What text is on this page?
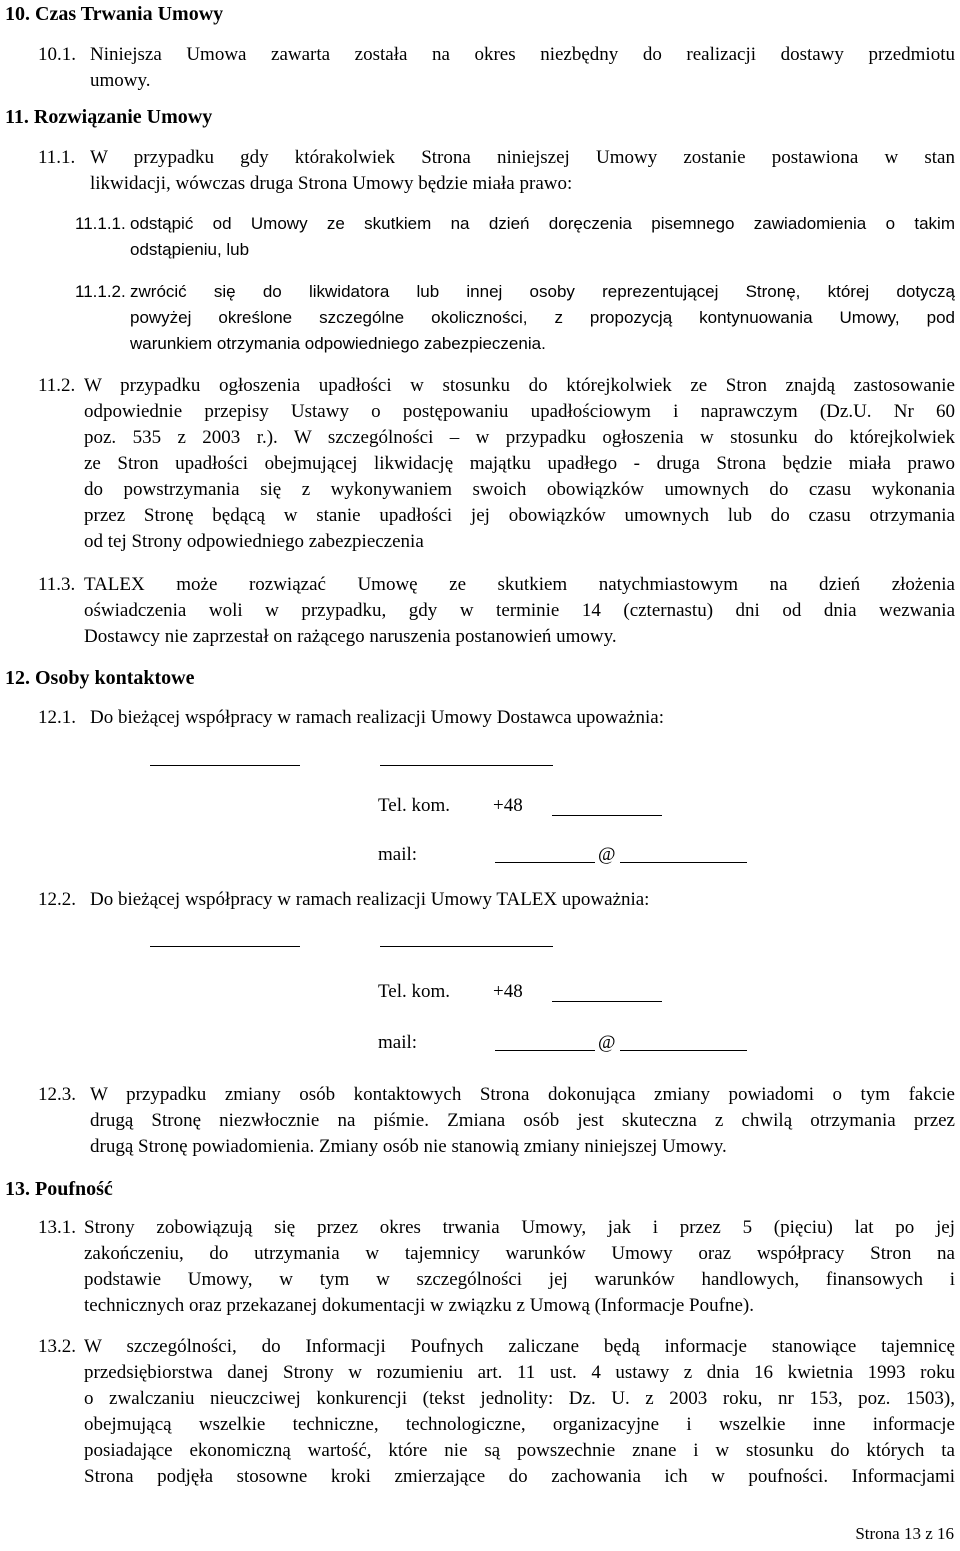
10. Czas Trwania Umowy
10.1. Niniejsza Umowa zawarta została na okres niezbędny do realizacji dostawy przedmiotu
umowy.
11. Rozwiązanie Umowy
11.1. W przypadku gdy którakolwiek Strona niniejszej Umowy zostanie postawiona w stan
likwidacji, wówczas druga Strona Umowy będzie miała prawo:
11.1.1. odstąpić od Umowy ze skutkiem na dzień doręczenia pisemnego zawiadomienia o takim
odstąpieniu, lub
11.1.2. zwrócić się do likwidatora lub innej osoby reprezentującej Stronę, której dotyczą
powyżej określone szczególne okoliczności, z propozycją kontynuowania Umowy, pod
warunkiem otrzymania odpowiedniego zabezpieczenia.
11.2. W przypadku ogłoszenia upadłości w stosunku do którejkolwiek ze Stron znajdą zastosowanie
odpowiednie przepisy Ustawy o postępowaniu upadłościowym i naprawczym (Dz.U. Nr 60
poz. 535 z 2003 r.). W szczególności – w przypadku ogłoszenia w stosunku do którejkolwiek
ze Stron upadłości obejmującej likwidację majątku upadłego - druga Strona będzie miała prawo
do powstrzymania się z wykonywaniem swoich obowiązków umownych do czasu wykonania
przez Stronę będącą w stanie upadłości jej obowiązków umownych lub do czasu otrzymania
od tej Strony odpowiedniego zabezpieczenia
11.3. TALEX może rozwiązać Umowę ze skutkiem natychmiastowym na dzień złożenia
oświadczenia woli w przypadku, gdy w terminie 14 (czternastu) dni od dnia wezwania
Dostawcy nie zaprzestał on rażącego naruszenia postanowień umowy.
12. Osoby kontaktowe
12.1. Do bieżącej współpracy w ramach realizacji Umowy Dostawca upoważnia:
Tel. kom. +48
mail:	@
12.2. Do bieżącej współpracy w ramach realizacji Umowy TALEX upoważnia:
Tel. kom. +48
mail:	@
12.3. W przypadku zmiany osób kontaktowych Strona dokonująca zmiany powiadomi o tym fakcie
drugą Stronę niezwłocznie na piśmie. Zmiana osób jest skuteczna z chwilą otrzymania przez
drugą Stronę powiadomienia. Zmiany osób nie stanowią zmiany niniejszej Umowy.
13. Poufność
13.1. Strony zobowiązują się przez okres trwania Umowy, jak i przez 5 (pięciu) lat po jej
zakończeniu, do utrzymania w tajemnicy warunków Umowy oraz współpracy Stron na
podstawie Umowy, w tym w szczególności jej warunków handlowych, finansowych i
technicznych oraz przekazanej dokumentacji w związku z Umową (Informacje Poufne).
13.2. W szczególności, do Informacji Poufnych zaliczane będą informacje stanowiące tajemnicę
przedsiębiorstwa danej Strony w rozumieniu art. 11 ust. 4 ustawy z dnia 16 kwietnia 1993 roku
o zwalczaniu nieuczciwej konkurencji (tekst jednolity: Dz. U. z 2003 roku, nr 153, poz. 1503),
obejmującą wszelkie techniczne, technologiczne, organizacyjne i wszelkie inne informacje
posiadające ekonomiczną wartość, które nie są powszechnie znane i w stosunku do których ta
Strona podjęła stosowne kroki zmierzające do zachowania ich w poufności. Informacjami
Strona 13 z 16
